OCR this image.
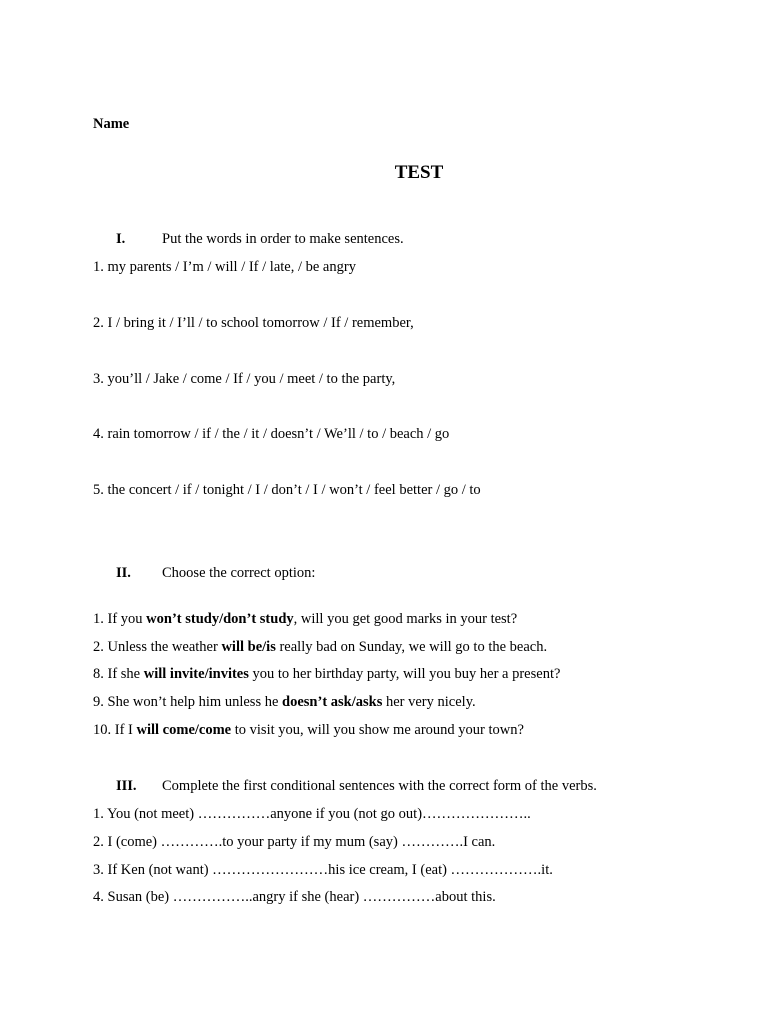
Name
TEST
I.	Put the words in order to make sentences.
1. my parents / I’m / will / If / late, / be angry
2. I / bring it / I’ll / to school tomorrow / If / remember,
3. you’ll / Jake / come / If / you / meet / to the party,
4. rain tomorrow / if / the / it / doesn’t / We’ll / to / beach / go
5. the concert / if / tonight / I / don’t / I / won’t / feel better / go / to
II. Choose the correct option:
1. If you won’t study/don’t study, will you get good marks in your test?
2. Unless the weather will be/is really bad on Sunday, we will go to the beach.
8. If she will invite/invites you to her birthday party, will you buy her a present?
9. She won’t help him unless he doesn’t ask/asks her very nicely.
10. If I will come/come to visit you, will you show me around your town?
III. Complete the first conditional sentences with the correct form of the verbs.
1. You (not meet) ……………anyone if you (not go out)…………………..
2. I (come) ………….to your party if my mum (say) ………….I can.
3. If Ken (not want) ……………………his ice cream, I (eat) ……………….it.
4. Susan (be) ……………..angry if she (hear) ……………about this.
